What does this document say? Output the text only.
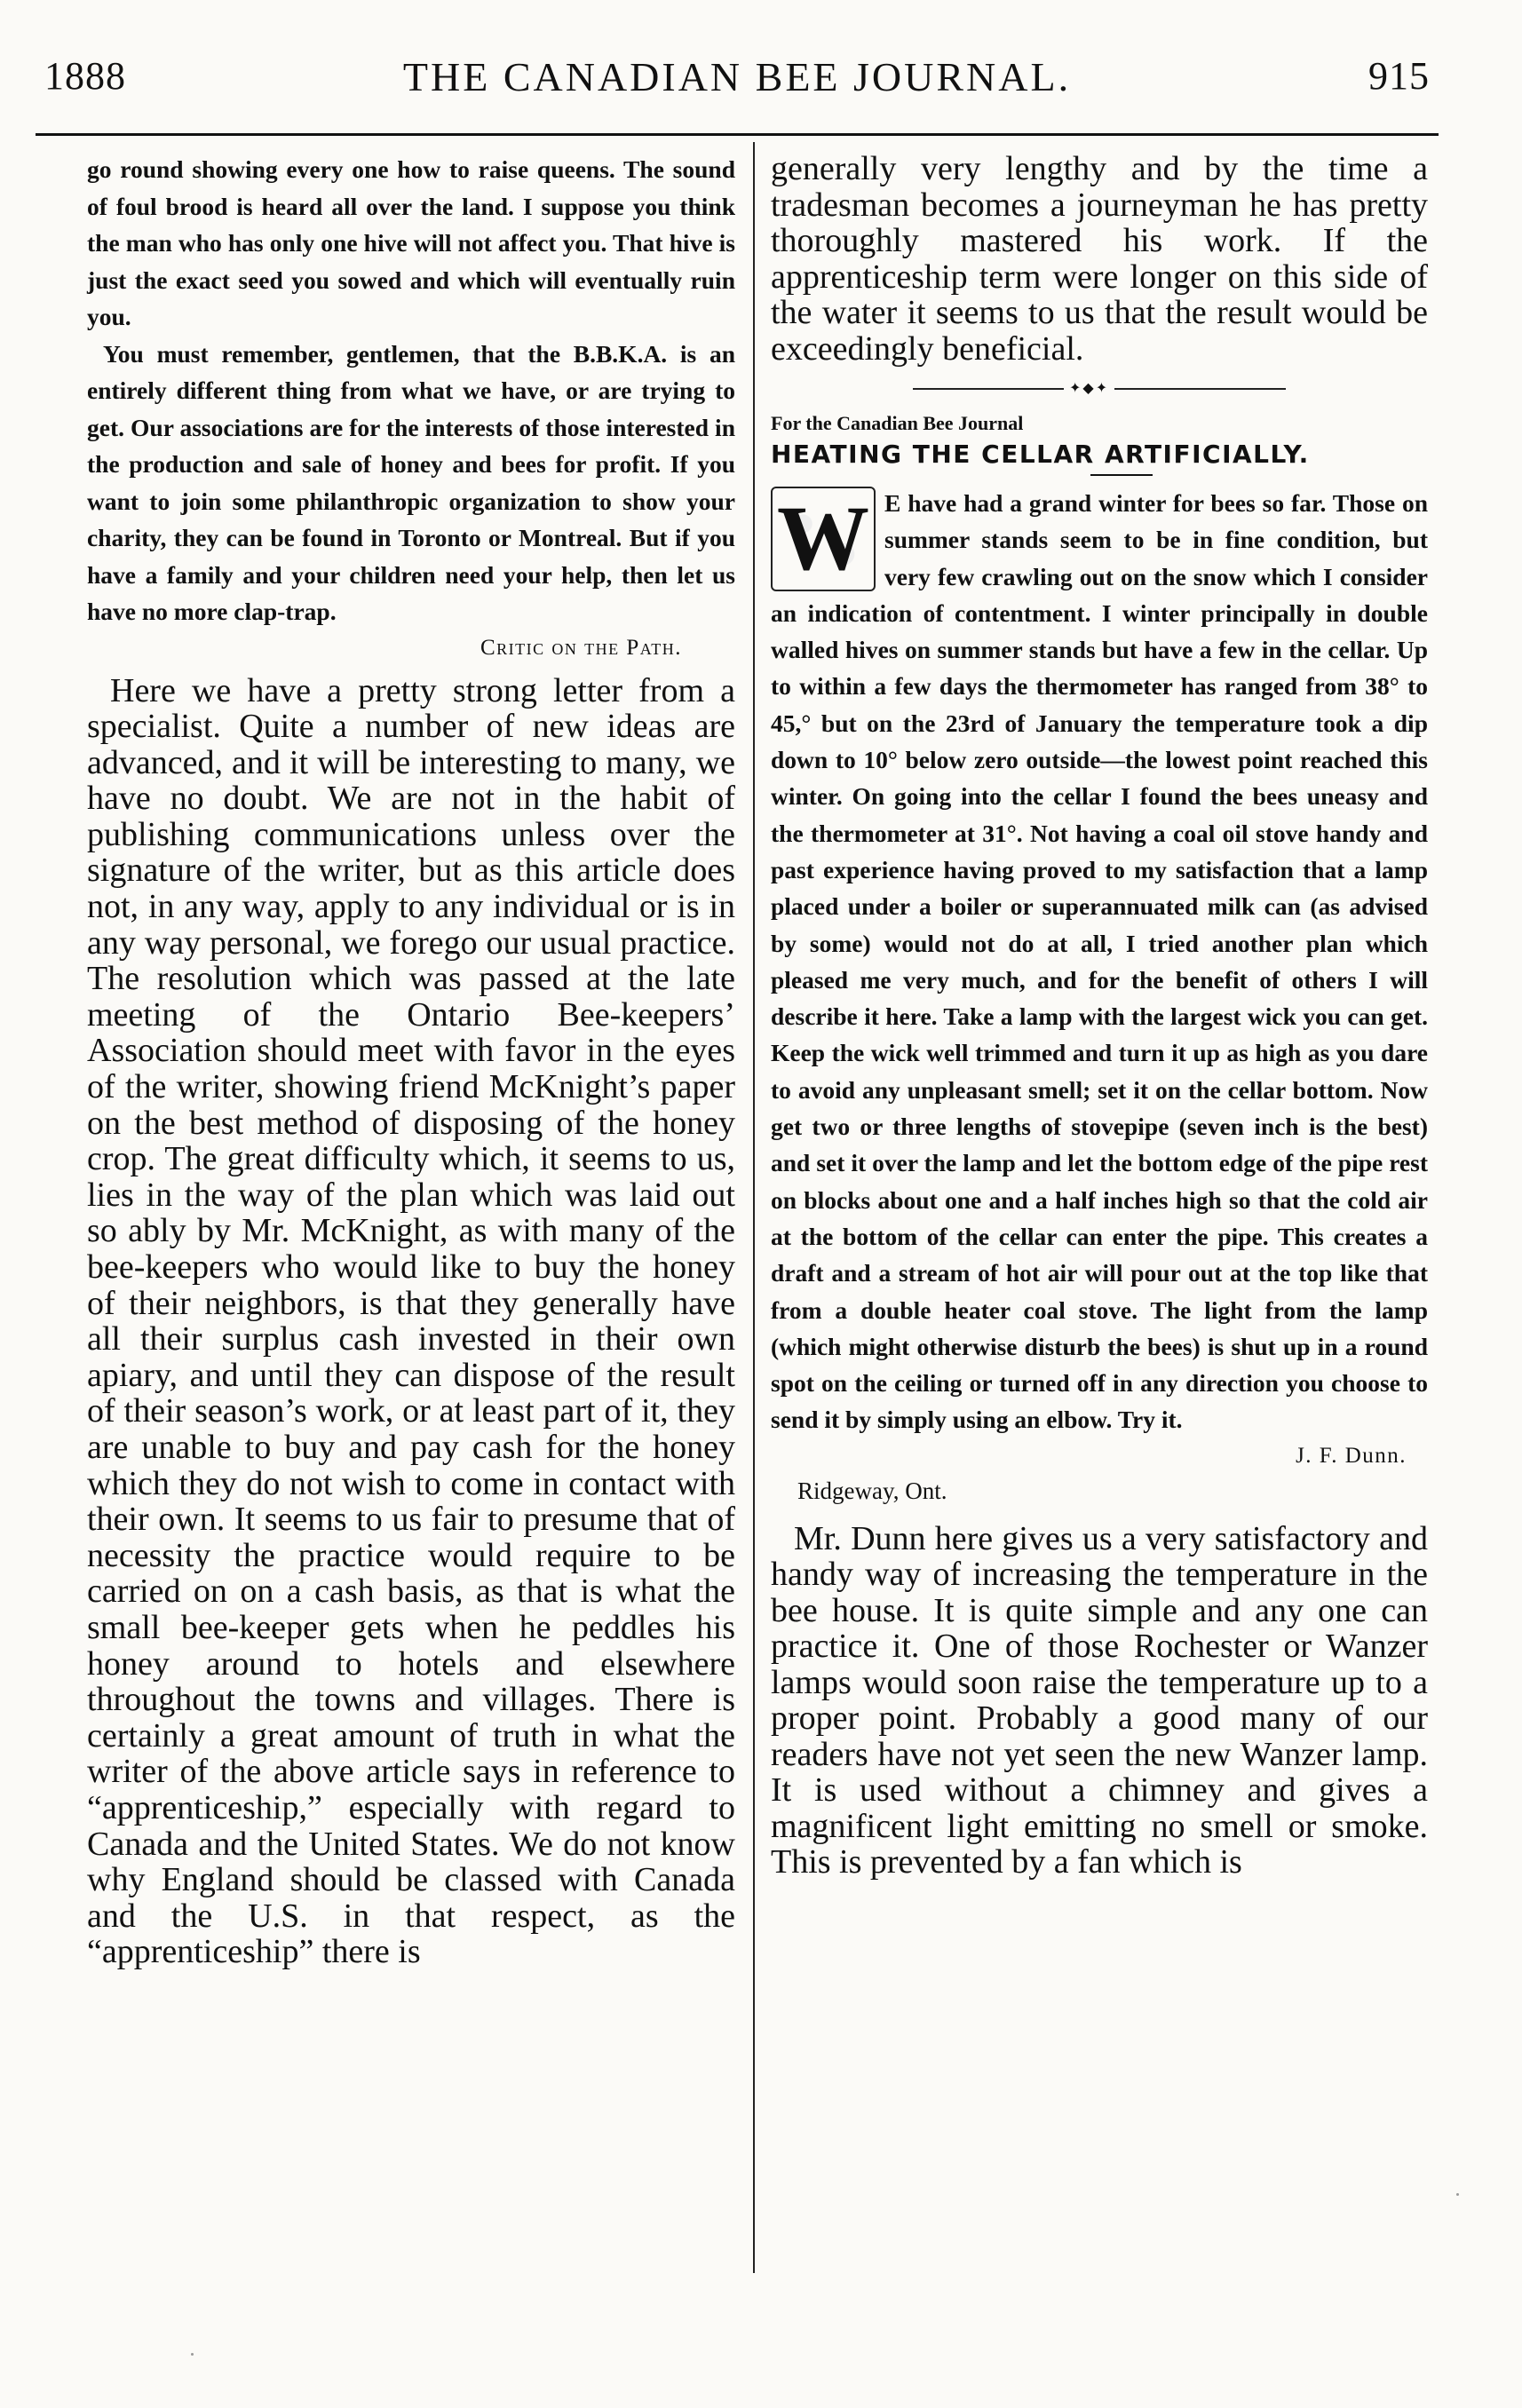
1888	THE CANADIAN BEE JOURNAL.	915

go round showing every one how to raise queens. The sound of foul brood is heard all over the land. I suppose you think the man who has only one hive will not affect you. That hive is just the exact seed you sowed and which will eventually ruin you.

You must remember, gentlemen, that the B.B.K.A. is an entirely different thing from what we have, or are trying to get. Our associations are for the interests of those interested in the production and sale of honey and bees for profit. If you want to join some philanthropic organization to show your charity, they can be found in Toronto or Montreal. But if you have a family and your children need your help, then let us have no more clap-trap.

Critic on the Path.

Here we have a pretty strong letter from a specialist. Quite a number of new ideas are advanced, and it will be interesting to many, we have no doubt. We are not in the habit of publishing communications unless over the signature of the writer, but as this article does not, in any way, apply to any individual or is in any way personal, we forego our usual practice. The resolution which was passed at the late meeting of the Ontario Bee-keepers’ Association should meet with favor in the eyes of the writer, showing friend McKnight’s paper on the best method of disposing of the honey crop. The great difficulty which, it seems to us, lies in the way of the plan which was laid out so ably by Mr. McKnight, as with many of the bee-keepers who would like to buy the honey of their neighbors, is that they generally have all their surplus cash invested in their own apiary, and until they can dispose of the result of their season’s work, or at least part of it, they are unable to buy and pay cash for the honey which they do not wish to come in contact with their own. It seems to us fair to presume that of necessity the practice would require to be carried on on a cash basis, as that is what the small bee-keeper gets when he peddles his honey around to hotels and elsewhere throughout the towns and villages. There is certainly a great amount of truth in what the writer of the above article says in reference to “apprenticeship,” especially with regard to Canada and the United States. We do not know why England should be classed with Canada and the U.S. in that respect, as the “apprenticeship” there is

generally very lengthy and by the time a tradesman becomes a journeyman he has pretty thoroughly mastered his work. If the apprenticeship term were longer on this side of the water it seems to us that the result would be exceedingly beneficial.

✦◆✦
For the Canadian Bee Journal
HEATING THE CELLAR ARTIFICIALLY.
W E have had a grand winter for bees so far. Those on summer stands seem to be in fine condition, but very few crawling out on the snow which I consider an indication of contentment. I winter principally in double walled hives on summer stands but have a few in the cellar. Up to within a few days the thermometer has ranged from 38° to 45,° but on the 23rd of January the temperature took a dip down to 10° below zero outside—the lowest point reached this winter. On going into the cellar I found the bees uneasy and the thermometer at 31°. Not having a coal oil stove handy and past experience having proved to my satisfaction that a lamp placed under a boiler or superannuated milk can (as advised by some) would not do at all, I tried another plan which pleased me very much, and for the benefit of others I will describe it here. Take a lamp with the largest wick you can get. Keep the wick well trimmed and turn it up as high as you dare to avoid any unpleasant smell; set it on the cellar bottom. Now get two or three lengths of stovepipe (seven inch is the best) and set it over the lamp and let the bottom edge of the pipe rest on blocks about one and a half inches high so that the cold air at the bottom of the cellar can enter the pipe. This creates a draft and a stream of hot air will pour out at the top like that from a double heater coal stove. The light from the lamp (which might otherwise disturb the bees) is shut up in a round spot on the ceiling or turned off in any direction you choose to send it by simply using an elbow. Try it.

J. F. Dunn.
Ridgeway, Ont.

Mr. Dunn here gives us a very satisfactory and handy way of increasing the temperature in the bee house. It is quite simple and any one can practice it. One of those Rochester or Wanzer lamps would soon raise the temperature up to a proper point. Probably a good many of our readers have not yet seen the new Wanzer lamp. It is used without a chimney and gives a magnificent light emitting no smell or smoke. This is prevented by a fan which is
